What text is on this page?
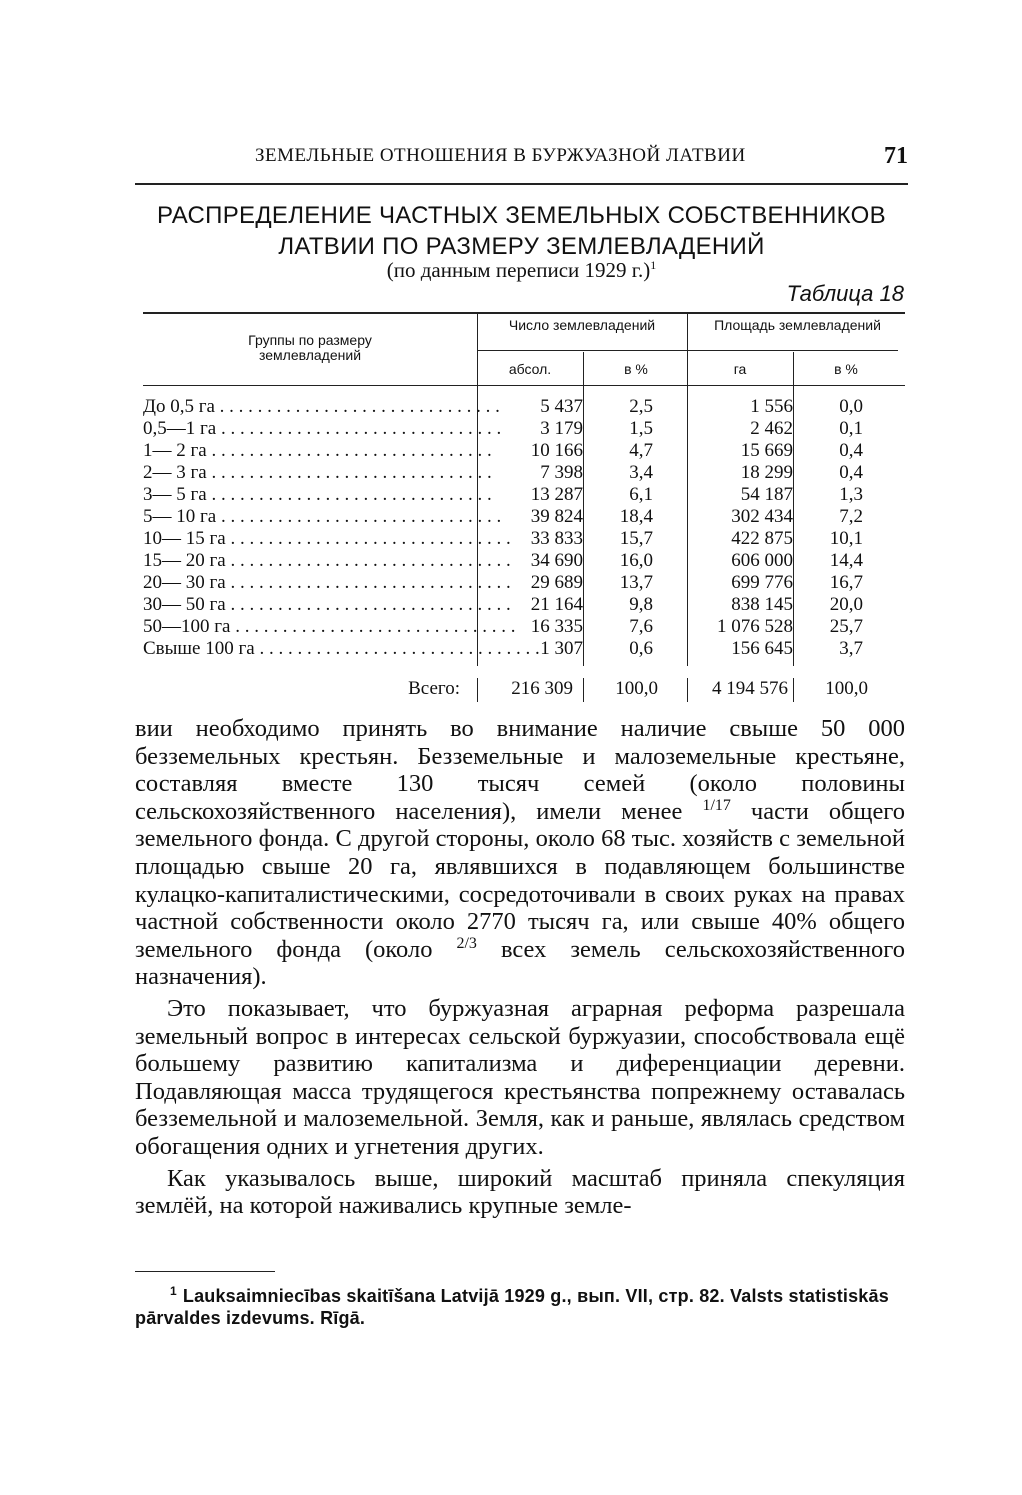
ЗЕМЕЛЬНЫЕ ОТНОШЕНИЯ В БУРЖУАЗНОЙ ЛАТВИИ	71
РАСПРЕДЕЛЕНИЕ ЧАСТНЫХ ЗЕМЕЛЬНЫХ СОБСТВЕННИКОВ
ЛАТВИИ ПО РАЗМЕРУ ЗЕМЛЕВЛАДЕНИЙ
(по данным переписи 1929 г.)$^1$
Таблица 18
Группы по размеру землевладений
Число землевладений	Площадь землевладений
абсол.	в %	га	в %
До 0,5 га . . . . . . . . . . . . . . . . . . . . . . . . . . . . . .	5 437	2,5	1 556	0,0
0,5—1 га . . . . . . . . . . . . . . . . . . . . . . . . . . . . . .	3 179	1,5	2 462	0,1
1— 2 га . . . . . . . . . . . . . . . . . . . . . . . . . . . . . .	10 166	4,7	15 669	0,4
2— 3 га . . . . . . . . . . . . . . . . . . . . . . . . . . . . . .	7 398	3,4	18 299	0,4
3— 5 га . . . . . . . . . . . . . . . . . . . . . . . . . . . . . .	13 287	6,1	54 187	1,3
5— 10 га . . . . . . . . . . . . . . . . . . . . . . . . . . . . . .	39 824	18,4	302 434	7,2
10— 15 га . . . . . . . . . . . . . . . . . . . . . . . . . . . . . .	33 833	15,7	422 875	10,1
15— 20 га . . . . . . . . . . . . . . . . . . . . . . . . . . . . . .	34 690	16,0	606 000	14,4
20— 30 га . . . . . . . . . . . . . . . . . . . . . . . . . . . . . .	29 689	13,7	699 776	16,7
30— 50 га . . . . . . . . . . . . . . . . . . . . . . . . . . . . . .	21 164	9,8	838 145	20,0
50—100 га . . . . . . . . . . . . . . . . . . . . . . . . . . . . . . 16 335	7,6	1 076 528	25,7
Свыше 100 га . . . . . . . . . . . . . . . . . . . . . . . . . . . . . . 1 307	0,6	156 645	3,7
Всего:	216 309	100,0	4 194 576	100,0

вии необходимо принять во внимание наличие свыше 50 000 безземельных крестьян. Безземельные и малоземельные крестьяне, составляя вместе 130 тысяч семей (около половины сельскохозяйственного населения), имели менее $^{1/17}$ части общего земельного фонда. С другой стороны, около 68 тыс. хозяйств с земельной площадью свыше 20 га, являвшихся в подавляющем большинстве кулацко-капиталистическими, сосредоточивали в своих руках на правах частной собственности около 2770 тысяч га, или свыше 40% общего земельного фонда (около $^{2/3}$ всех земель сельскохозяйственного назначения).

Это показывает, что буржуазная аграрная реформа разрешала земельный вопрос в интересах сельской буржуазии, способствовала ещё большему развитию капитализма и диференциации деревни. Подавляющая масса трудящегося крестьянства попрежнему оставалась безземельной и малоземельной. Земля, как и раньше, являлась средством обогащения одних и угнетения других.

Как указывалось выше, широкий масштаб приняла спекуляция землёй, на которой наживались крупные земле-

$^1$ Lauksaimniecības skaitīšana Latvijā 1929 g., вып. VII, стр. 82. Valsts statistiskās pārvaldes izdevums. Rīgā.
